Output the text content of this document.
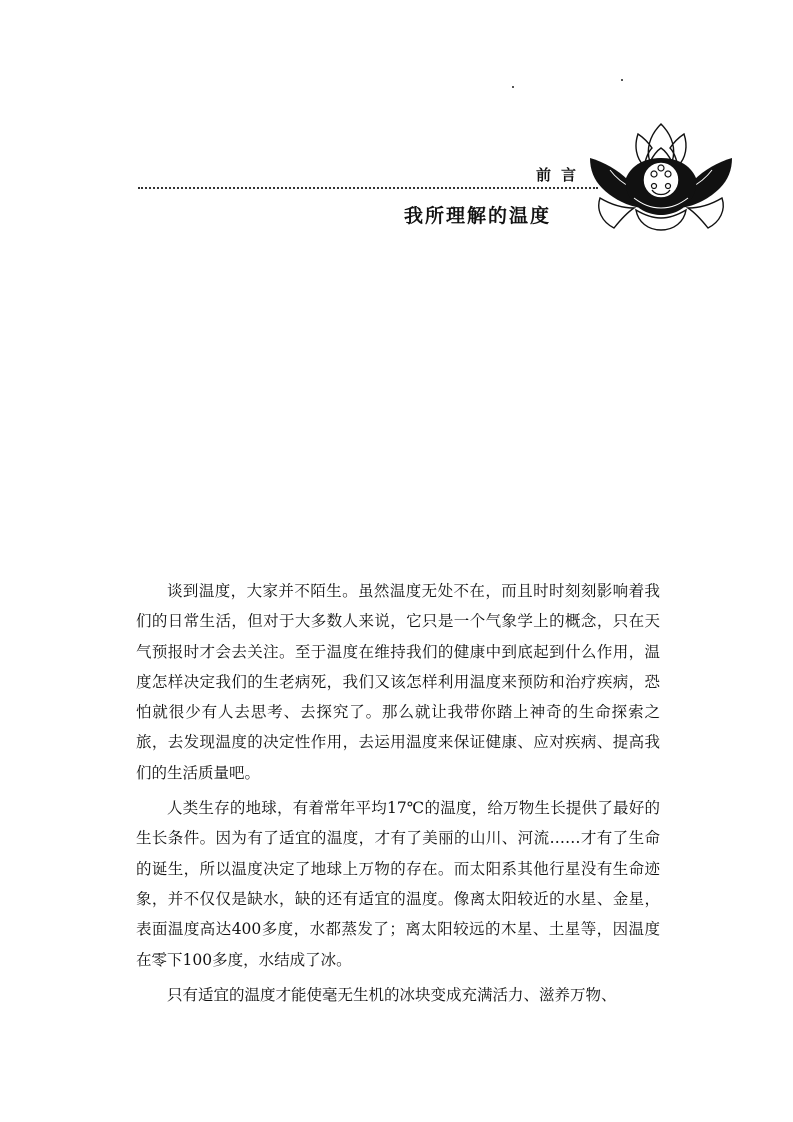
前言
我所理解的温度

谈到温度，大家并不陌生。虽然温度无处不在，而且时时刻刻影响着我们的日常生活，但对于大多数人来说，它只是一个气象学上的概念，只在天气预报时才会去关注。至于温度在维持我们的健康中到底起到什么作用，温度怎样决定我们的生老病死，我们又该怎样利用温度来预防和治疗疾病，恐怕就很少有人去思考、去探究了。那么就让我带你踏上神奇的生命探索之旅，去发现温度的决定性作用，去运用温度来保证健康、应对疾病、提高我们的生活质量吧。

人类生存的地球，有着常年平均17℃的温度，给万物生长提供了最好的生长条件。因为有了适宜的温度，才有了美丽的山川、河流……才有了生命的诞生，所以温度决定了地球上万物的存在。而太阳系其他行星没有生命迹象，并不仅仅是缺水，缺的还有适宜的温度。像离太阳较近的水星、金星，表面温度高达400多度，水都蒸发了；离太阳较远的木星、土星等，因温度在零下100多度，水结成了冰。

只有适宜的温度才能使毫无生机的冰块变成充满活力、滋养万物、
